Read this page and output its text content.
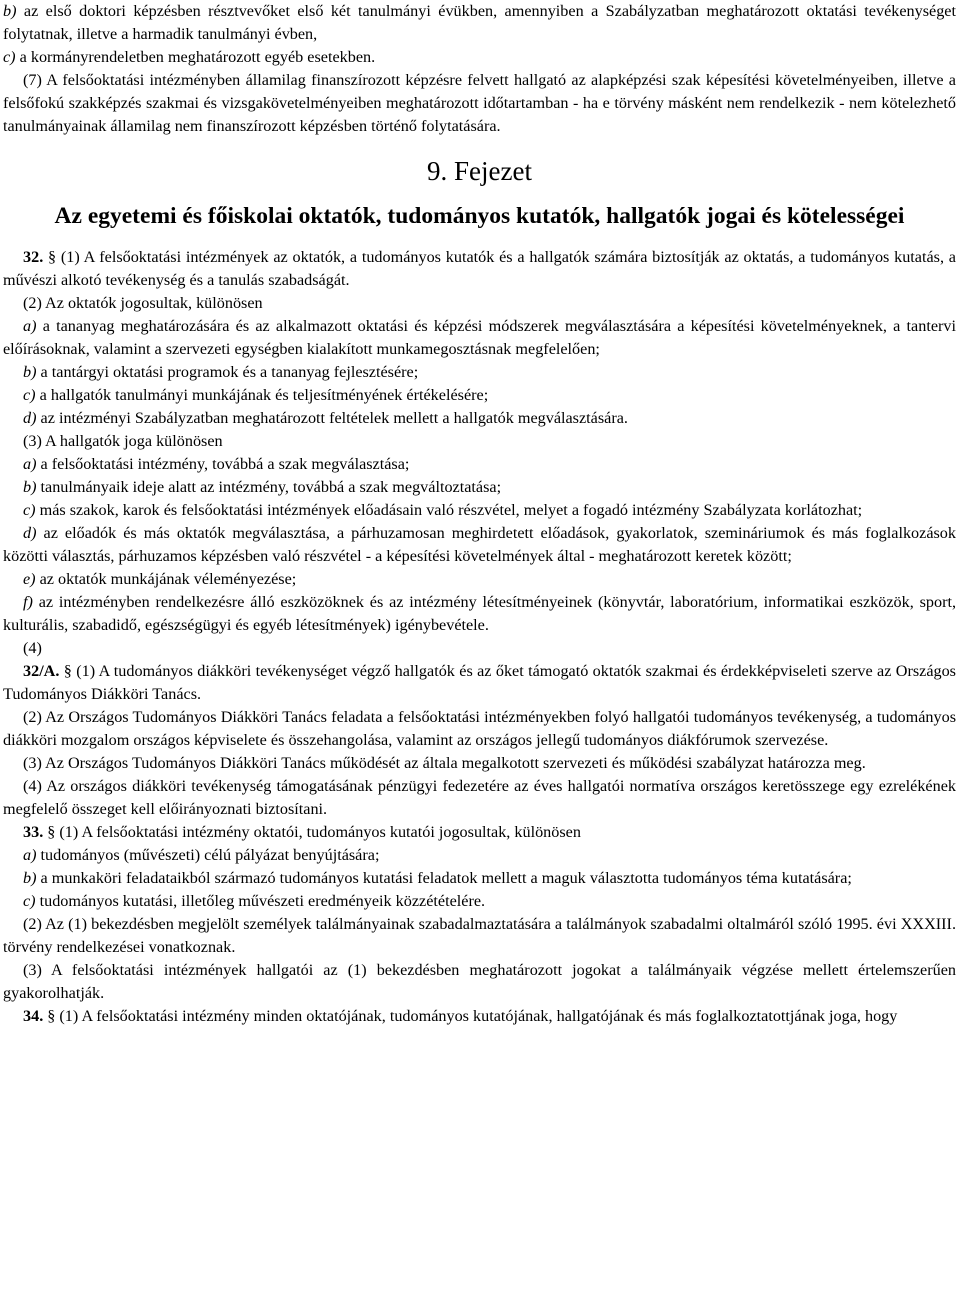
b) az első doktori képzésben résztvevőket első két tanulmányi évükben, amennyiben a Szabályzatban meghatározott oktatási tevékenységet folytatnak, illetve a harmadik tanulmányi évben,

c) a kormányrendeletben meghatározott egyéb esetekben.

(7) A felsőoktatási intézményben államilag finanszírozott képzésre felvett hallgató az alapképzési szak képesítési követelményeiben, illetve a felsőfokú szakképzés szakmai és vizsgakövetelményeiben meghatározott időtartamban - ha e törvény másként nem rendelkezik - nem kötelezhető tanulmányainak államilag nem finanszírozott képzésben történő folytatására.

9. Fejezet
Az egyetemi és főiskolai oktatók, tudományos kutatók, hallgatók jogai és kötelességei

32. § (1) A felsőoktatási intézmények az oktatók, a tudományos kutatók és a hallgatók számára biztosítják az oktatás, a tudományos kutatás, a művészi alkotó tevékenység és a tanulás szabadságát.

(2) Az oktatók jogosultak, különösen

a) a tananyag meghatározására és az alkalmazott oktatási és képzési módszerek megválasztására a képesítési követelményeknek, a tantervi előírásoknak, valamint a szervezeti egységben kialakított munkamegosztásnak megfelelően;

b) a tantárgyi oktatási programok és a tananyag fejlesztésére;

c) a hallgatók tanulmányi munkájának és teljesítményének értékelésére;

d) az intézményi Szabályzatban meghatározott feltételek mellett a hallgatók megválasztására.

(3) A hallgatók joga különösen

a) a felsőoktatási intézmény, továbbá a szak megválasztása;

b) tanulmányaik ideje alatt az intézmény, továbbá a szak megváltoztatása;

c) más szakok, karok és felsőoktatási intézmények előadásain való részvétel, melyet a fogadó intézmény Szabályzata korlátozhat;

d) az előadók és más oktatók megválasztása, a párhuzamosan meghirdetett előadások, gyakorlatok, szemináriumok és más foglalkozások közötti választás, párhuzamos képzésben való részvétel - a képesítési követelmények által - meghatározott keretek között;

e) az oktatók munkájának véleményezése;

f) az intézményben rendelkezésre álló eszközöknek és az intézmény létesítményeinek (könyvtár, laboratórium, informatikai eszközök, sport, kulturális, szabadidő, egészségügyi és egyéb létesítmények) igénybevétele.

(4)

32/A. § (1) A tudományos diákköri tevékenységet végző hallgatók és az őket támogató oktatók szakmai és érdekképviseleti szerve az Országos Tudományos Diákköri Tanács.

(2) Az Országos Tudományos Diákköri Tanács feladata a felsőoktatási intézményekben folyó hallgatói tudományos tevékenység, a tudományos diákköri mozgalom országos képviselete és összehangolása, valamint az országos jellegű tudományos diákfórumok szervezése.

(3) Az Országos Tudományos Diákköri Tanács működését az általa megalkotott szervezeti és működési szabályzat határozza meg.

(4) Az országos diákköri tevékenység támogatásának pénzügyi fedezetére az éves hallgatói normatíva országos keretösszege egy ezrelékének megfelelő összeget kell előirányoznati biztosítani.

33. § (1) A felsőoktatási intézmény oktatói, tudományos kutatói jogosultak, különösen

a) tudományos (művészeti) célú pályázat benyújtására;

b) a munkaköri feladataikból származó tudományos kutatási feladatok mellett a maguk választotta tudományos téma kutatására;

c) tudományos kutatási, illetőleg művészeti eredményeik közzétételére.

(2) Az (1) bekezdésben megjelölt személyek találmányainak szabadalmaztatására a találmányok szabadalmi oltalmáról szóló 1995. évi XXXIII. törvény rendelkezései vonatkoznak.

(3) A felsőoktatási intézmények hallgatói az (1) bekezdésben meghatározott jogokat a találmányaik végzése mellett értelemszerűen gyakorolhatják.

34. § (1) A felsőoktatási intézmény minden oktatójának, tudományos kutatójának, hallgatójának és más foglalkoztatottjának joga, hogy
